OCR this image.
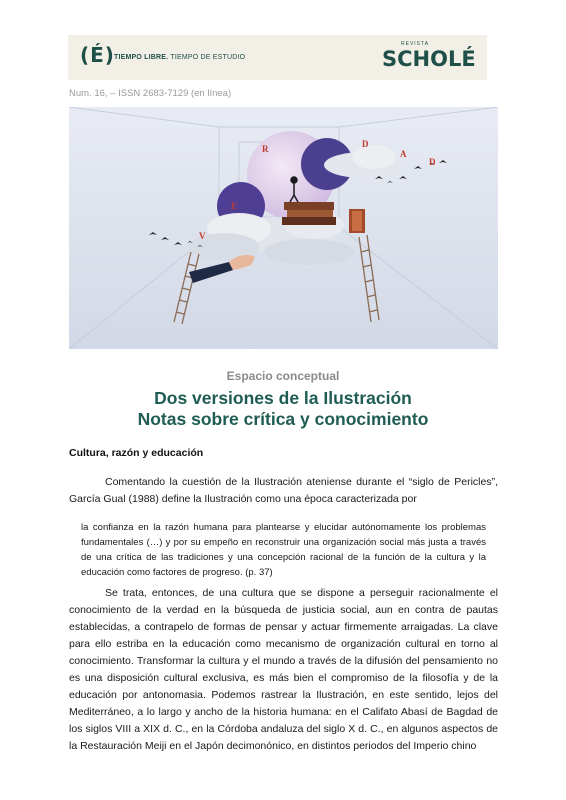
(É) TIEMPO LIBRE. TIEMPO DE ESTUDIO
REVISTA
SCHOLÉ
Num. 16, – ISSN 2683-7129 (en línea)
R
E
V
D
A
D
Espacio conceptual
Dos versiones de la Ilustración
Notas sobre crítica y conocimiento
Cultura, razón y educación
Comentando la cuestión de la Ilustración ateniense durante el “siglo de Pericles”, García Gual (1988) define la Ilustración como una época caracterizada por
la confianza en la razón humana para plantearse y elucidar autónomamente los problemas fundamentales (…) y por su empeño en reconstruir una organización social más justa a través de una crítica de las tradiciones y una concepción racional de la función de la cultura y la educación como factores de progreso. (p. 37)
Se trata, entonces, de una cultura que se dispone a perseguir racionalmente el conocimiento de la verdad en la búsqueda de justicia social, aun en contra de pautas establecidas, a contrapelo de formas de pensar y actuar firmemente arraigadas. La clave para ello estriba en la educación como mecanismo de organización cultural en torno al conocimiento. Transformar la cultura y el mundo a través de la difusión del pensamiento no es una disposición cultural exclusiva, es más bien el compromiso de la filosofía y de la educación por antonomasia. Podemos rastrear la Ilustración, en este sentido, lejos del Mediterráneo, a lo largo y ancho de la historia humana: en el Califato Abasí de Bagdad de los siglos VIII a XIX d. C., en la Córdoba andaluza del siglo X d. C., en algunos aspectos de la Restauración Meiji en el Japón decimonónico, en distintos periodos del Imperio chino
